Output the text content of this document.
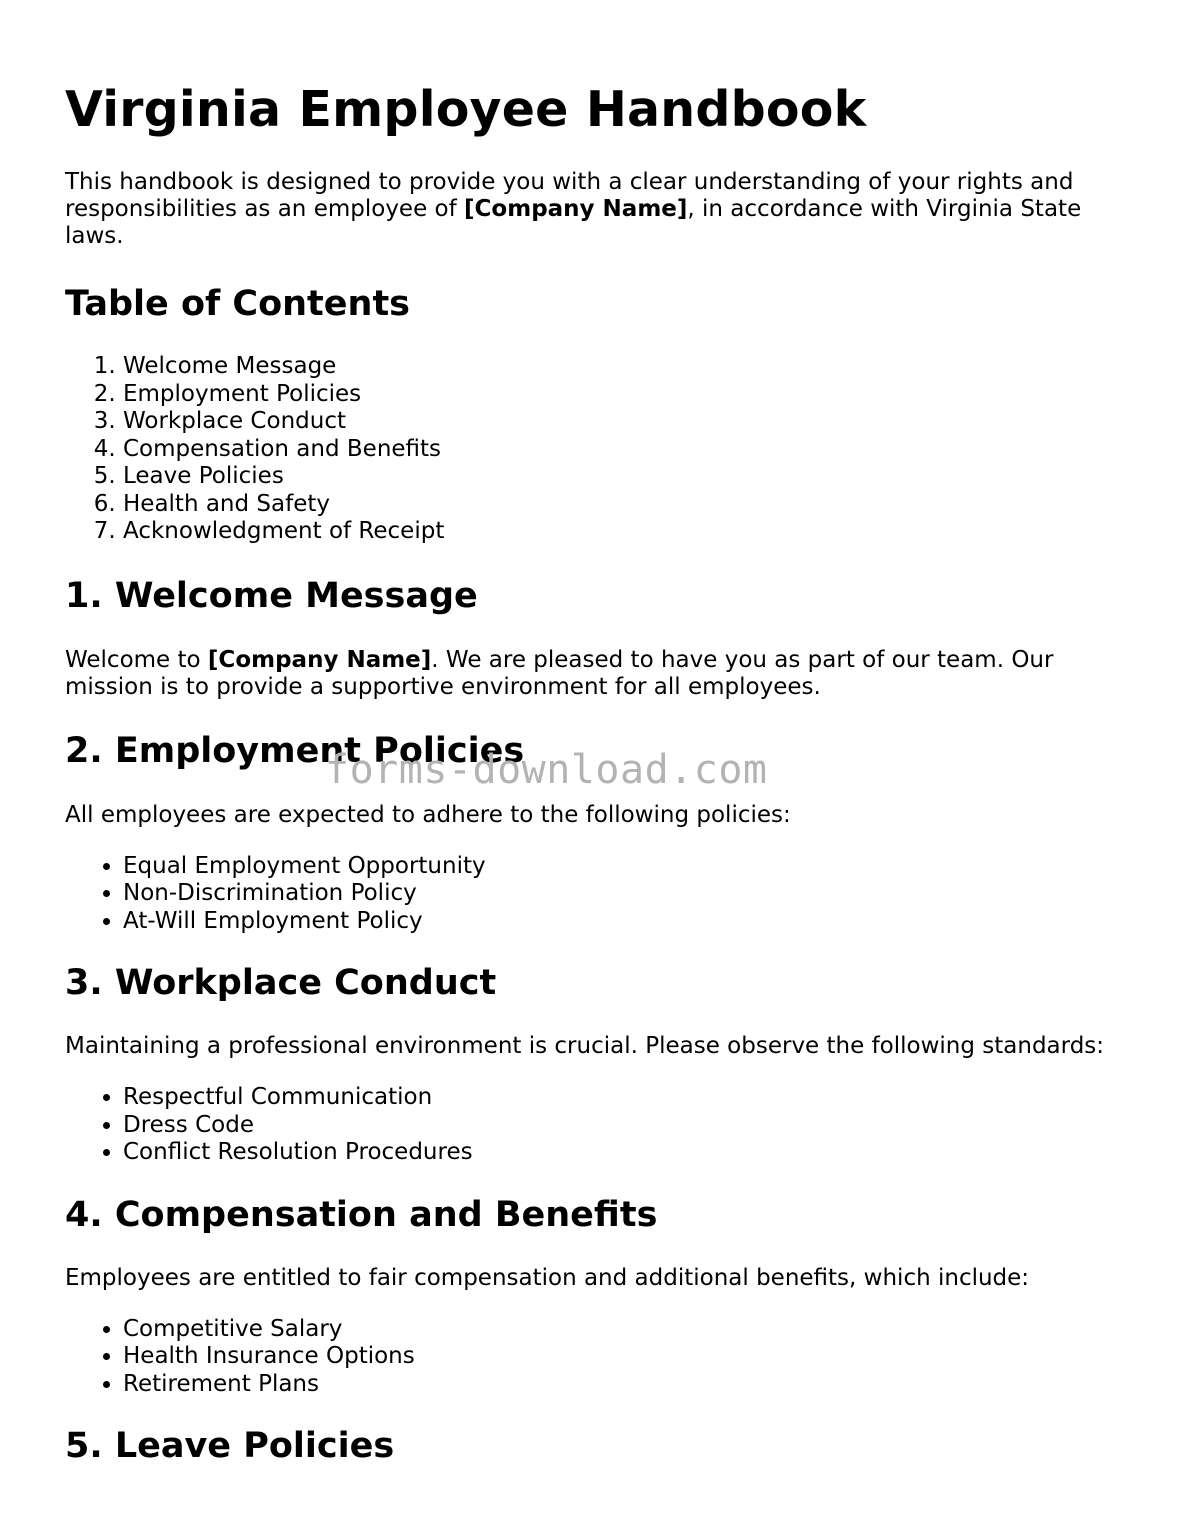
Virginia Employee Handbook

This handbook is designed to provide you with a clear understanding of your rights and responsibilities as an employee of [Company Name], in accordance with Virginia State laws.

Table of Contents
1. Welcome Message
2. Employment Policies
3. Workplace Conduct
4. Compensation and Benefits
5. Leave Policies
6. Health and Safety
7. Acknowledgment of Receipt
1. Welcome Message

Welcome to [Company Name]. We are pleased to have you as part of our team. Our mission is to provide a supportive environment for all employees.

2. Employment Policies

All employees are expected to adhere to the following policies:

• Equal Employment Opportunity
• Non-Discrimination Policy
• At-Will Employment Policy
3. Workplace Conduct

Maintaining a professional environment is crucial. Please observe the following standards:

• Respectful Communication
• Dress Code
• Conflict Resolution Procedures
4. Compensation and Benefits

Employees are entitled to fair compensation and additional benefits, which include:

• Competitive Salary
• Health Insurance Options
• Retirement Plans
5. Leave Policies
forms-download.com
